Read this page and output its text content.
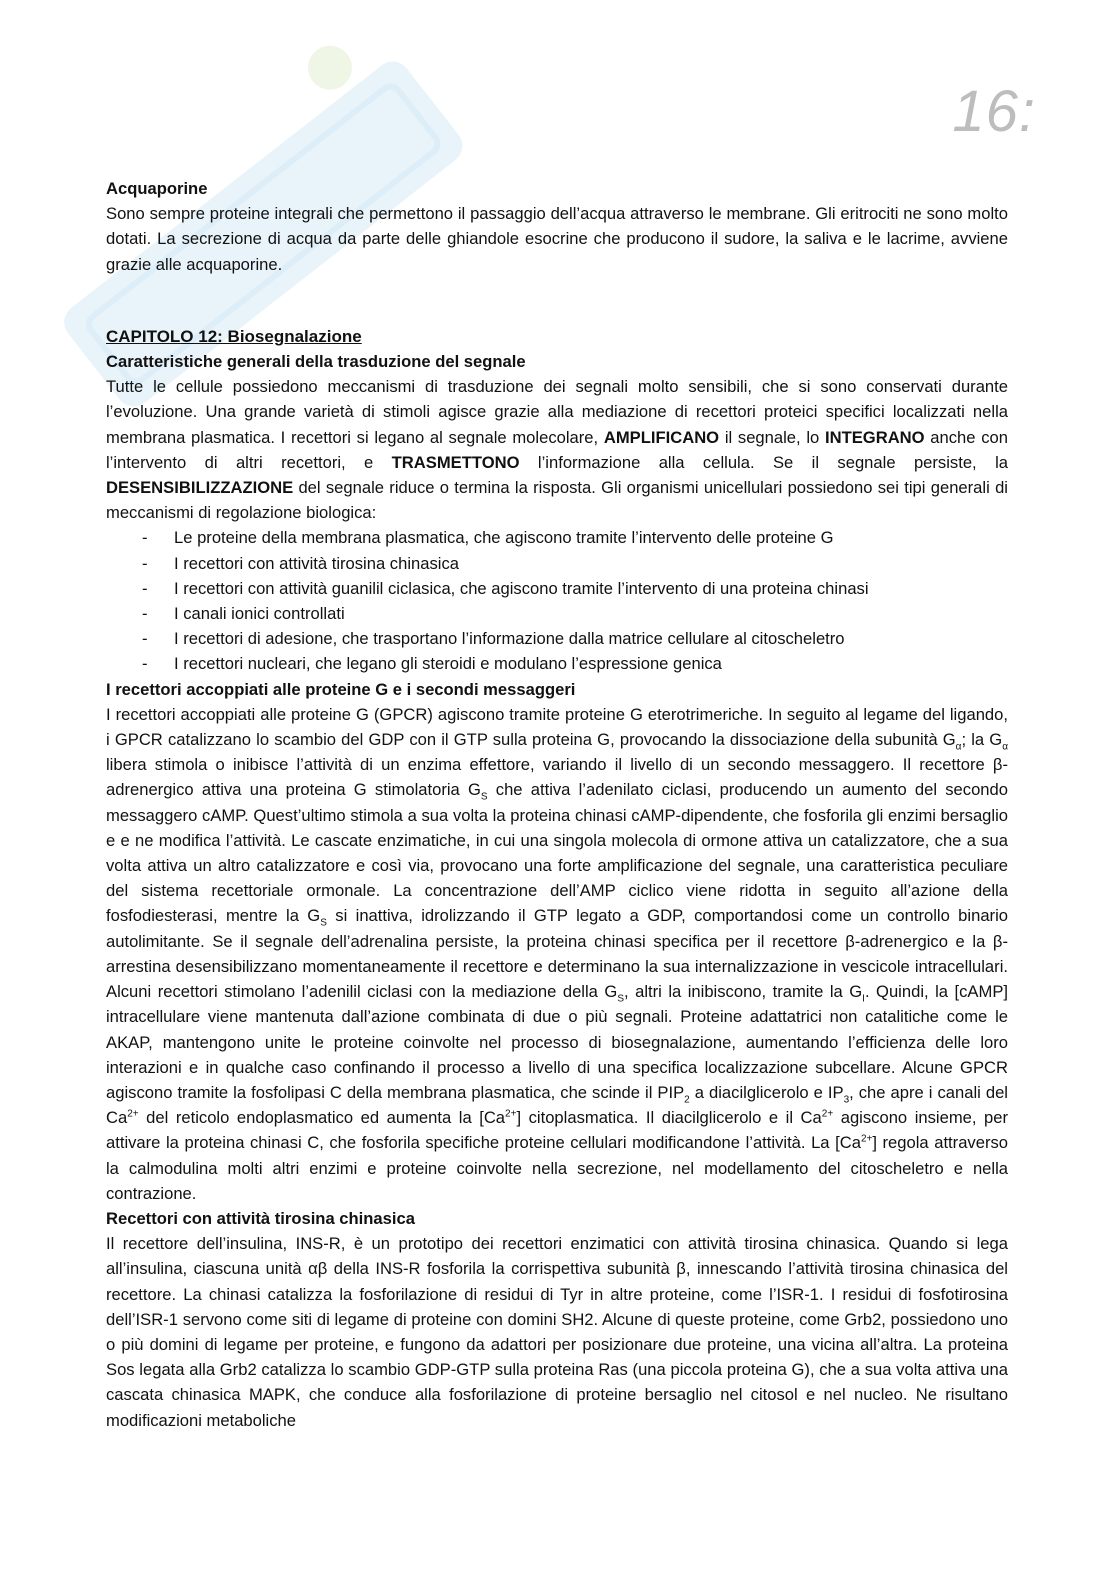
16:

Acquaporine

Sono sempre proteine integrali che permettono il passaggio dell’acqua attraverso le membrane. Gli eritrociti ne sono molto dotati. La secrezione di acqua da parte delle ghiandole esocrine che producono il sudore, la saliva e le lacrime, avviene grazie alle acquaporine.

CAPITOLO 12: Biosegnalazione

Caratteristiche generali della trasduzione del segnale

Tutte le cellule possiedono meccanismi di trasduzione dei segnali molto sensibili, che si sono conservati durante l’evoluzione. Una grande varietà di stimoli agisce grazie alla mediazione di recettori proteici specifici localizzati nella membrana plasmatica. I recettori si legano al segnale molecolare, AMPLIFICANO il segnale, lo INTEGRANO anche con l’intervento di altri recettori, e TRASMETTONO l’informazione alla cellula. Se il segnale persiste, la DESENSIBILIZZAZIONE del segnale riduce o termina la risposta. Gli organismi unicellulari possiedono sei tipi generali di meccanismi di regolazione biologica:

- Le proteine della membrana plasmatica, che agiscono tramite l’intervento delle proteine G
- I recettori con attività tirosina chinasica
- I recettori con attività guanilil ciclasica, che agiscono tramite l’intervento di una proteina chinasi
- I canali ionici controllati
- I recettori di adesione, che trasportano l’informazione dalla matrice cellulare al citoscheletro
- I recettori nucleari, che legano gli steroidi e modulano l’espressione genica

I recettori accoppiati alle proteine G e i secondi messaggeri

I recettori accoppiati alle proteine G (GPCR) agiscono tramite proteine G eterotrimeriche. In seguito al legame del ligando, i GPCR catalizzano lo scambio del GDP con il GTP sulla proteina G, provocando la dissociazione della subunità $G_\alpha$; la $G_\alpha$ libera stimola o inibisce l’attività di un enzima effettore, variando il livello di un secondo messaggero. Il recettore β-adrenergico attiva una proteina G stimolatoria $G_S$ che attiva l’adenilato ciclasi, producendo un aumento del secondo messaggero cAMP. Quest’ultimo stimola a sua volta la proteina chinasi cAMP-dipendente, che fosforila gli enzimi bersaglio e e ne modifica l’attività. Le cascate enzimatiche, in cui una singola molecola di ormone attiva un catalizzatore, che a sua volta attiva un altro catalizzatore e così via, provocano una forte amplificazione del segnale, una caratteristica peculiare del sistema recettoriale ormonale. La concentrazione dell’AMP ciclico viene ridotta in seguito all’azione della fosfodiesterasi, mentre la $G_S$ si inattiva, idrolizzando il GTP legato a GDP, comportandosi come un controllo binario autolimitante. Se il segnale dell’adrenalina persiste, la proteina chinasi specifica per il recettore β-adrenergico e la β-arrestina desensibilizzano momentaneamente il recettore e determinano la sua internalizzazione in vescicole intracellulari. Alcuni recettori stimolano l’adenilil ciclasi con la mediazione della $G_S$, altri la inibiscono, tramite la $G_I$. Quindi, la [cAMP] intracellulare viene mantenuta dall’azione combinata di due o più segnali. Proteine adattatrici non catalitiche come le AKAP, mantengono unite le proteine coinvolte nel processo di biosegnalazione, aumentando l’efficienza delle loro interazioni e in qualche caso confinando il processo a livello di una specifica localizzazione subcellare. Alcune GPCR agiscono tramite la fosfolipasi C della membrana plasmatica, che scinde il $PIP_2$ a diacilglicerolo e $IP_3$, che apre i canali del $Ca^{2+}$ del reticolo endoplasmatico ed aumenta la $[Ca^{2+}]$ citoplasmatica. Il diacilglicerolo e il $Ca^{2+}$ agiscono insieme, per attivare la proteina chinasi C, che fosforila specifiche proteine cellulari modificandone l’attività. La $[Ca^{2+}]$ regola attraverso la calmodulina molti altri enzimi e proteine coinvolte nella secrezione, nel modellamento del citoscheletro e nella contrazione.

Recettori con attività tirosina chinasica

Il recettore dell’insulina, INS-R, è un prototipo dei recettori enzimatici con attività tirosina chinasica. Quando si lega all’insulina, ciascuna unità αβ della INS-R fosforila la corrispettiva subunità β, innescando l’attività tirosina chinasica del recettore. La chinasi catalizza la fosforilazione di residui di Tyr in altre proteine, come l’ISR-1. I residui di fosfotirosina dell’ISR-1 servono come siti di legame di proteine con domini SH2. Alcune di queste proteine, come Grb2, possiedono uno o più domini di legame per proteine, e fungono da adattori per posizionare due proteine, una vicina all’altra. La proteina Sos legata alla Grb2 catalizza lo scambio GDP-GTP sulla proteina Ras (una piccola proteina G), che a sua volta attiva una cascata chinasica MAPK, che conduce alla fosforilazione di proteine bersaglio nel citosol e nel nucleo. Ne risultano modificazioni metaboliche
